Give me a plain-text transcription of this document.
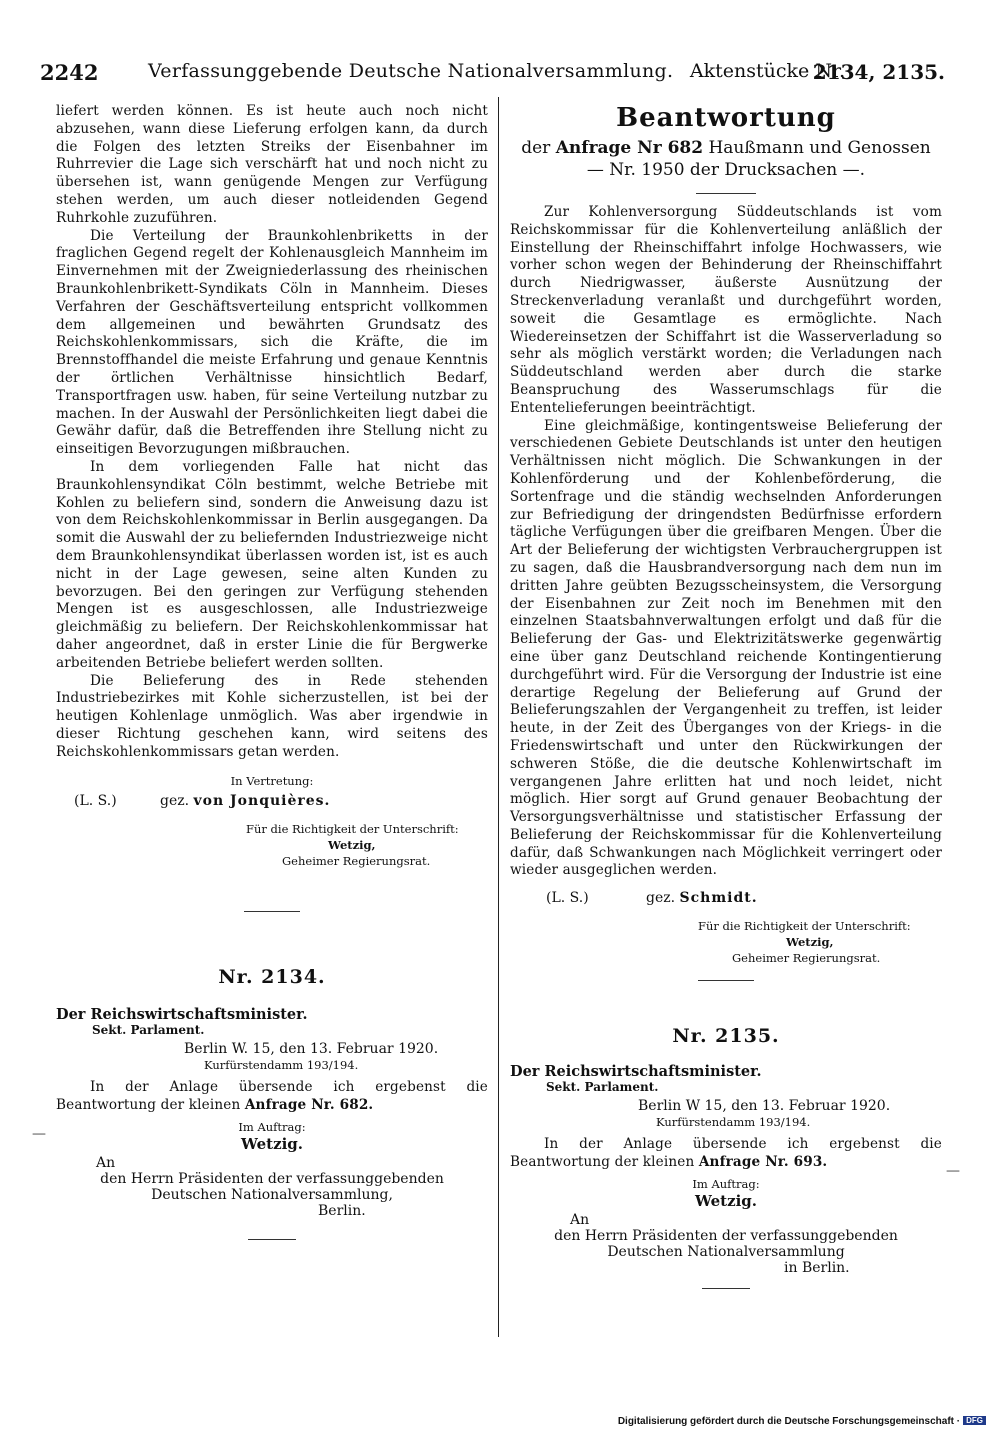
2242	Verfassunggebende Deutsche Nationalversammlung. Aktenstücke Nr.
2134, 2135.

liefert werden können. Es ist heute auch noch nicht abzusehen, wann diese Lieferung erfolgen kann, da durch die Folgen des letzten Streiks der Eisenbahner im Ruhrrevier die Lage sich verschärft hat und noch nicht zu übersehen ist, wann genügende Mengen zur Verfügung stehen werden, um auch dieser notleidenden Gegend Ruhrkohle zuzuführen.

Die Verteilung der Braunkohlenbriketts in der fraglichen Gegend regelt der Kohlenausgleich Mannheim im Einvernehmen mit der Zweigniederlassung des rheinischen Braunkohlenbrikett-Syndikats Cöln in Mannheim. Dieses Verfahren der Geschäftsverteilung entspricht vollkommen dem allgemeinen und bewährten Grundsatz des Reichskohlenkommissars, sich die Kräfte, die im Brennstoffhandel die meiste Erfahrung und genaue Kenntnis der örtlichen Verhältnisse hinsichtlich Bedarf, Transportfragen usw. haben, für seine Verteilung nutzbar zu machen. In der Auswahl der Persönlichkeiten liegt dabei die Gewähr dafür, daß die Betreffenden ihre Stellung nicht zu einseitigen Bevorzugungen mißbrauchen.

In dem vorliegenden Falle hat nicht das Braunkohlensyndikat Cöln bestimmt, welche Betriebe mit Kohlen zu beliefern sind, sondern die Anweisung dazu ist von dem Reichskohlenkommissar in Berlin ausgegangen. Da somit die Auswahl der zu beliefernden Industriezweige nicht dem Braunkohlensyndikat überlassen worden ist, ist es auch nicht in der Lage gewesen, seine alten Kunden zu bevorzugen. Bei den geringen zur Verfügung stehenden Mengen ist es ausgeschlossen, alle Industriezweige gleichmäßig zu beliefern. Der Reichskohlenkommissar hat daher angeordnet, daß in erster Linie die für Bergwerke arbeitenden Betriebe beliefert werden sollten.

Die Belieferung des in Rede stehenden Industriebezirkes mit Kohle sicherzustellen, ist bei der heutigen Kohlenlage unmöglich. Was aber irgendwie in dieser Richtung geschehen kann, wird seitens des Reichskohlenkommissars getan werden.

In Vertretung:
(L. S.)	gez. von Jonquières.
Für die Richtigkeit der Unterschrift:
Wetzig,
Geheimer Regierungsrat.
Nr. 2134.

Der Reichswirtschaftsminister.

Sekt. Parlament.

Berlin W. 15, den 13. Februar 1920.
Kurfürstendamm 193/194.

In der Anlage übersende ich ergebenst die Beantwortung der kleinen Anfrage Nr. 682.

Im Auftrag:
Wetzig.
An
den Herrn Präsidenten der verfassunggebenden
Deutschen Nationalversammlung,
Berlin.

Beantwortung

der Anfrage Nr 682 Haußmann und Genossen

— Nr. 1950 der Drucksachen —.

Zur Kohlenversorgung Süddeutschlands ist vom Reichskommissar für die Kohlenverteilung anläßlich der Einstellung der Rheinschiffahrt infolge Hochwassers, wie vorher schon wegen der Behinderung der Rheinschiffahrt durch Niedrigwasser, äußerste Ausnützung der Streckenverladung veranlaßt und durchgeführt worden, soweit die Gesamtlage es ermöglichte. Nach Wiedereinsetzen der Schiffahrt ist die Wasserverladung so sehr als möglich verstärkt worden; die Verladungen nach Süddeutschland werden aber durch die starke Beanspruchung des Wasserumschlags für die Ententelieferungen beeinträchtigt.

Eine gleichmäßige, kontingentsweise Belieferung der verschiedenen Gebiete Deutschlands ist unter den heutigen Verhältnissen nicht möglich. Die Schwankungen in der Kohlenförderung und der Kohlenbeförderung, die Sortenfrage und die ständig wechselnden Anforderungen zur Befriedigung der dringendsten Bedürfnisse erfordern tägliche Verfügungen über die greifbaren Mengen. Über die Art der Belieferung der wichtigsten Verbrauchergruppen ist zu sagen, daß die Hausbrandversorgung nach dem nun im dritten Jahre geübten Bezugsscheinsystem, die Versorgung der Eisenbahnen zur Zeit noch im Benehmen mit den einzelnen Staatsbahnverwaltungen erfolgt und daß für die Belieferung der Gas- und Elektrizitätswerke gegenwärtig eine über ganz Deutschland reichende Kontingentierung durchgeführt wird. Für die Versorgung der Industrie ist eine derartige Regelung der Belieferung auf Grund der Belieferungszahlen der Vergangenheit zu treffen, ist leider heute, in der Zeit des Überganges von der Kriegs- in die Friedenswirtschaft und unter den Rückwirkungen der schweren Stöße, die die deutsche Kohlenwirtschaft im vergangenen Jahre erlitten hat und noch leidet, nicht möglich. Hier sorgt auf Grund genauer Beobachtung der Versorgungsverhältnisse und statistischer Erfassung der Belieferung der Reichskommissar für die Kohlenverteilung dafür, daß Schwankungen nach Möglichkeit verringert oder wieder ausgeglichen werden.

(L. S.)	gez. Schmidt.
Für die Richtigkeit der Unterschrift:
Wetzig,
Geheimer Regierungsrat.
Nr. 2135.

Der Reichswirtschaftsminister.

Sekt. Parlament.

Berlin W 15, den 13. Februar 1920.
Kurfürstendamm 193/194.

In der Anlage übersende ich ergebenst die Beantwortung der kleinen Anfrage Nr. 693.

Im Auftrag:
Wetzig.
An
den Herrn Präsidenten der verfassunggebenden
Deutschen Nationalversammlung
in Berlin.
—
—
Digitalisierung gefördert durch die Deutsche Forschungsgemeinschaft · DFG
